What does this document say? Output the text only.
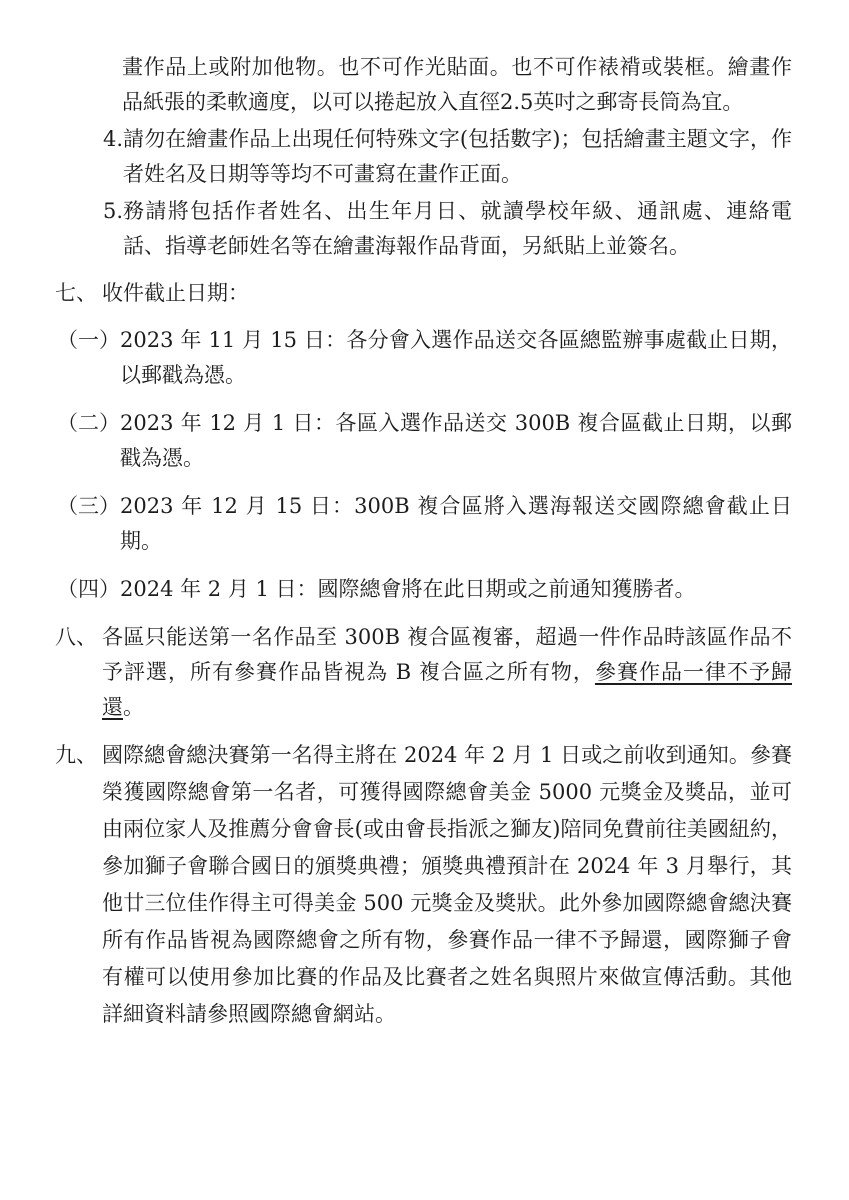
畫作品上或附加他物。也不可作光貼面。也不可作裱褙或裝框。繪畫作品紙張的柔軟適度，以可以捲起放入直徑2.5英吋之郵寄長筒為宜。
4. 請勿在繪畫作品上出現任何特殊文字(包括數字)；包括繪畫主題文字，作者姓名及日期等等均不可畫寫在畫作正面。
5. 務請將包括作者姓名、出生年月日、就讀學校年級、通訊處、連絡電話、指導老師姓名等在繪畫海報作品背面，另紙貼上並簽名。
七、 收件截止日期：
（一） 2023 年 11 月 15 日：各分會入選作品送交各區總監辦事處截止日期，以郵戳為憑。
（二） 2023 年 12 月 1 日：各區入選作品送交 300B 複合區截止日期，以郵戳為憑。
（三） 2023 年 12 月 15 日：300B 複合區將入選海報送交國際總會截止日期。
（四） 2024 年 2 月 1 日：國際總會將在此日期或之前通知獲勝者。
八、 各區只能送第一名作品至 300B 複合區複審，超過一件作品時該區作品不予評選，所有參賽作品皆視為 B 複合區之所有物，參賽作品一律不予歸還。
九、 國際總會總決賽第一名得主將在 2024 年 2 月 1 日或之前收到通知。參賽榮獲國際總會第一名者，可獲得國際總會美金 5000 元獎金及獎品，並可由兩位家人及推薦分會會長(或由會長指派之獅友)陪同免費前往美國紐約，參加獅子會聯合國日的頒獎典禮；頒獎典禮預計在 2024 年 3 月舉行，其他廿三位佳作得主可得美金 500 元獎金及獎狀。此外參加國際總會總決賽所有作品皆視為國際總會之所有物，參賽作品一律不予歸還，國際獅子會有權可以使用參加比賽的作品及比賽者之姓名與照片來做宣傳活動。其他詳細資料請參照國際總會網站。
